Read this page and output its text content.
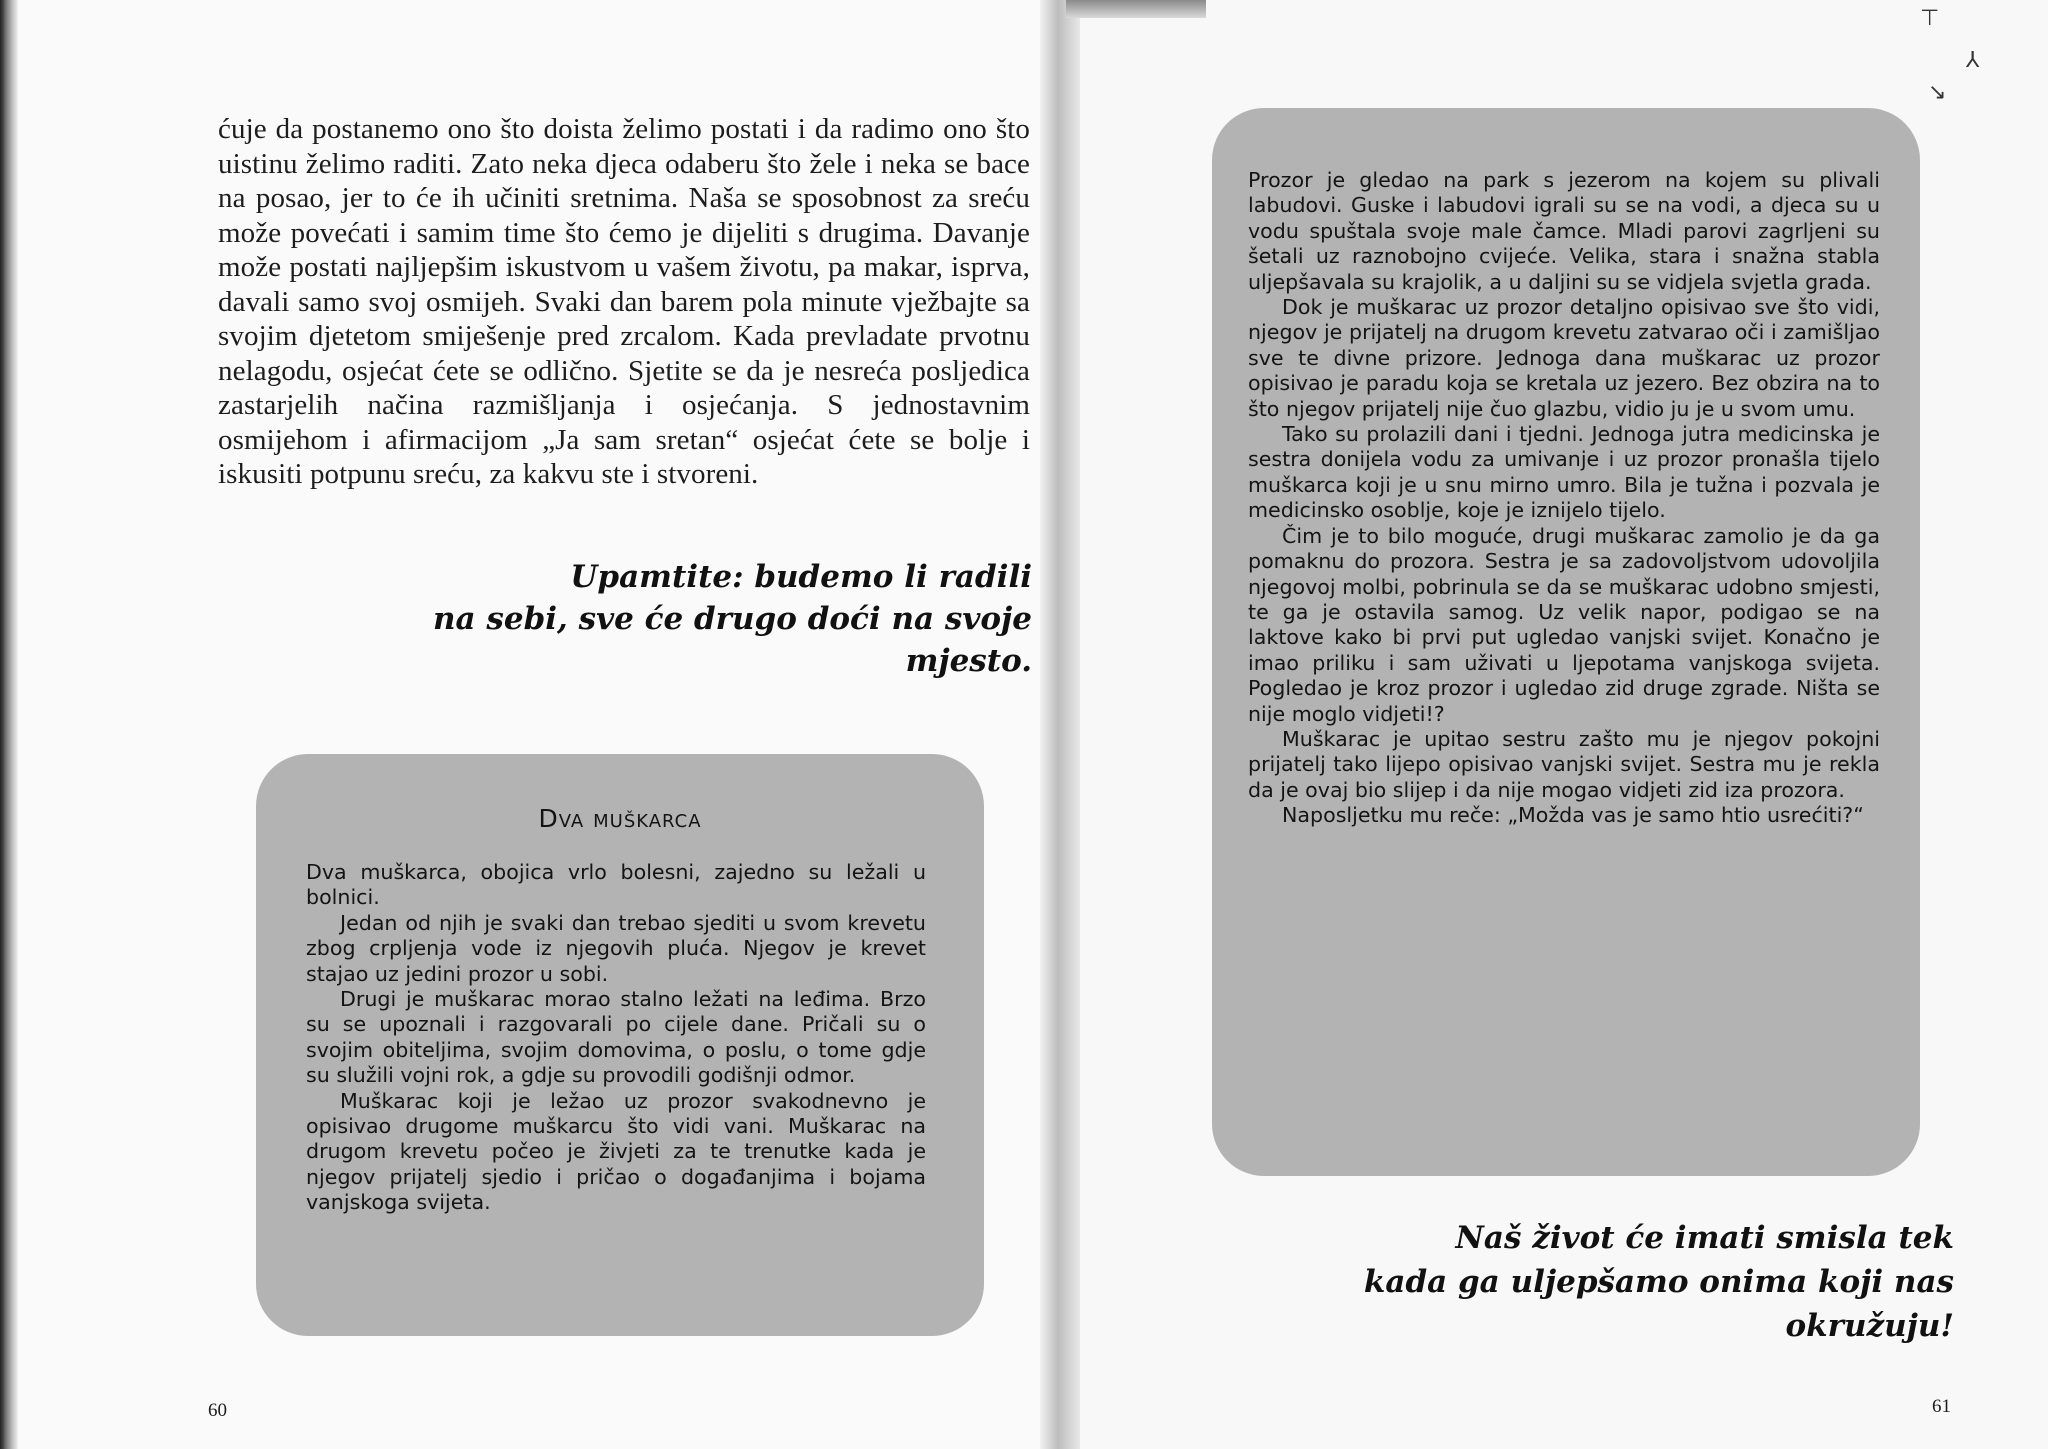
ćuje da postanemo ono što doista želimo postati i da radimo ono što uistinu želimo raditi. Zato neka djeca odaberu što žele i neka se bace na posao, jer to će ih učiniti sretnima. Naša se sposobnost za sreću može povećati i samim time što ćemo je dijeliti s drugima. Davanje može postati najljepšim iskustvom u vašem životu, pa makar, isprva, davali samo svoj osmijeh. Svaki dan barem pola minute vježbajte sa svojim djetetom smiješenje pred zrcalom. Kada prevladate prvotnu nelagodu, osjećat ćete se odlično. Sjetite se da je nesreća posljedica zastarjelih načina razmišljanja i osjećanja. S jednostavnim osmijehom i afirmacijom „Ja sam sretan“ osjećat ćete se bolje i iskusiti potpunu sreću, za kakvu ste i stvoreni.

Upamtite: budemo li radili
na sebi, sve će drugo doći na svoje mjesto.

Dva muškarca

Dva muškarca, obojica vrlo bolesni, zajedno su ležali u bolnici.

Jedan od njih je svaki dan trebao sjediti u svom krevetu zbog crpljenja vode iz njegovih pluća. Njegov je krevet stajao uz jedini prozor u sobi.

Drugi je muškarac morao stalno ležati na leđima. Brzo su se upoznali i razgovarali po cijele dane. Pričali su o svojim obiteljima, svojim domovima, o poslu, o tome gdje su služili vojni rok, a gdje su provodili godišnji odmor.

Muškarac koji je ležao uz prozor svakodnevno je opisivao drugome muškarcu što vidi vani. Muškarac na drugom krevetu počeo je živjeti za te trenutke kada je njegov prijatelj sjedio i pričao o događanjima i bojama vanjskoga svijeta.

60

⊤
⅄
↘

Prozor je gledao na park s jezerom na kojem su plivali labudovi. Guske i labudovi igrali su se na vodi, a djeca su u vodu spuštala svoje male čamce. Mladi parovi zagrljeni su šetali uz raznobojno cvijeće. Velika, stara i snažna stabla uljepšavala su krajolik, a u daljini su se vidjela svjetla grada.

Dok je muškarac uz prozor detaljno opisivao sve što vidi, njegov je prijatelj na drugom krevetu zatvarao oči i zamišljao sve te divne prizore. Jednoga dana muškarac uz prozor opisivao je paradu koja se kretala uz jezero. Bez obzira na to što njegov prijatelj nije čuo glazbu, vidio ju je u svom umu.

Tako su prolazili dani i tjedni. Jednoga jutra medicinska je sestra donijela vodu za umivanje i uz prozor pronašla tijelo muškarca koji je u snu mirno umro. Bila je tužna i pozvala je medicinsko osoblje, koje je iznijelo tijelo.

Čim je to bilo moguće, drugi muškarac zamolio je da ga pomaknu do prozora. Sestra je sa zadovoljstvom udovoljila njegovoj molbi, pobrinula se da se muškarac udobno smjesti, te ga je ostavila samog. Uz velik napor, podigao se na laktove kako bi prvi put ugledao vanjski svijet. Konačno je imao priliku i sam uživati u ljepotama vanjskoga svijeta. Pogledao je kroz prozor i ugledao zid druge zgrade. Ništa se nije moglo vidjeti!?

Muškarac je upitao sestru zašto mu je njegov pokojni prijatelj tako lijepo opisivao vanjski svijet. Sestra mu je rekla da je ovaj bio slijep i da nije mogao vidjeti zid iza prozora.

Naposljetku mu reče: „Možda vas je samo htio usrećiti?“

Naš život će imati smisla tek
kada ga uljepšamo onima koji nas okružuju!

61
